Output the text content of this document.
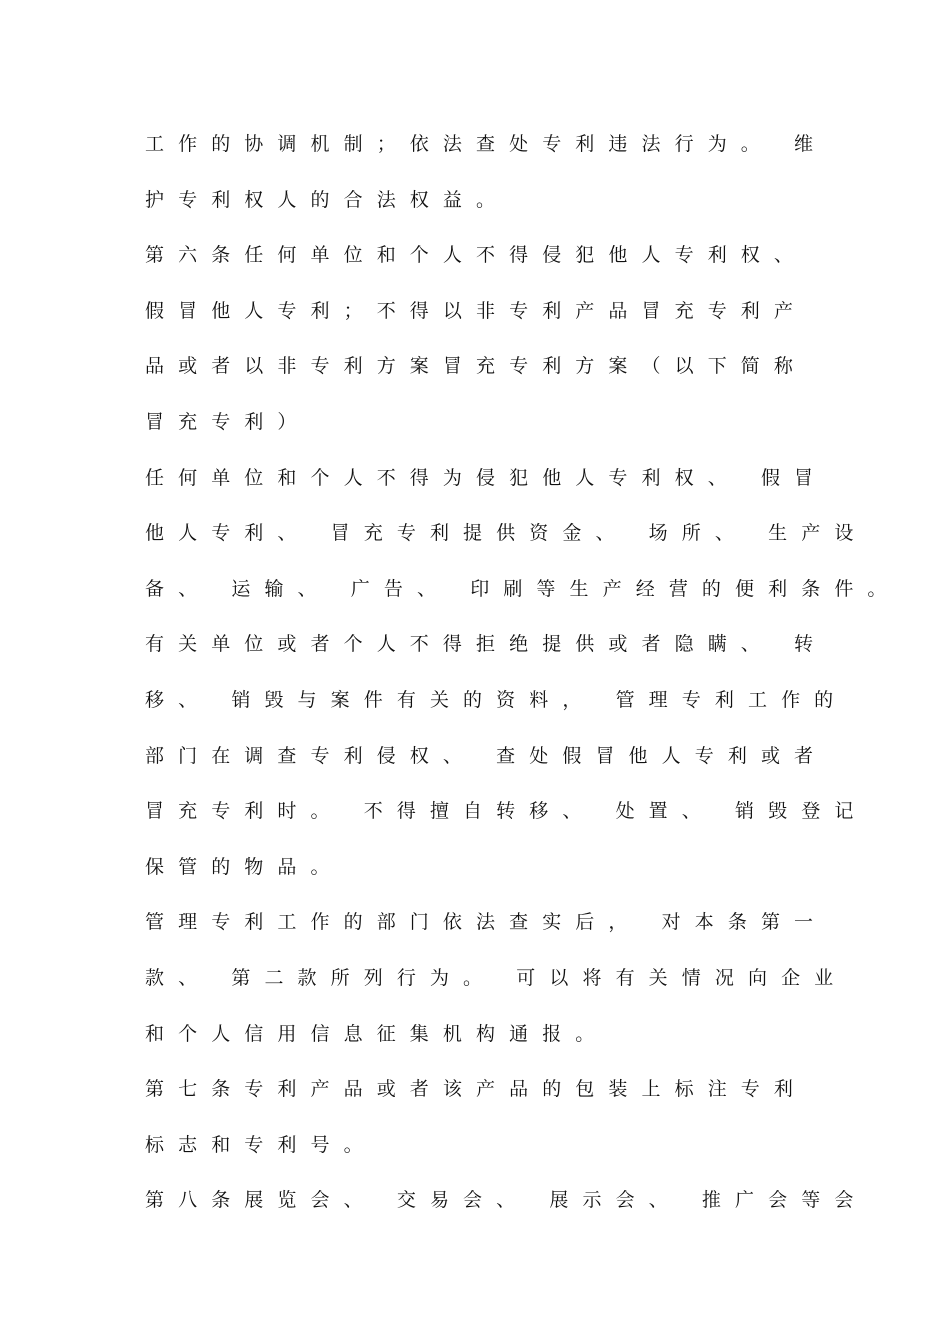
工作的协调机制；依法查处专利违法行为。 维
护专利权人的合法权益。
第六条任何单位和个人不得侵犯他人专利权、
假冒他人专利；不得以非专利产品冒充专利产
品或者以非专利方案冒充专利方案（以下简称
冒充专利）
任何单位和个人不得为侵犯他人专利权、 假冒
他人专利、 冒充专利提供资金、 场所、 生产设
备、 运输、 广告、 印刷等生产经营的便利条件。
有关单位或者个人不得拒绝提供或者隐瞒、 转
移、 销毁与案件有关的资料， 管理专利工作的
部门在调查专利侵权、 查处假冒他人专利或者
冒充专利时。 不得擅自转移、 处置、 销毁登记
保管的物品。
管理专利工作的部门依法查实后， 对本条第一
款、 第二款所列行为。 可以将有关情况向企业
和个人信用信息征集机构通报。
第七条专利产品或者该产品的包装上标注专利
标志和专利号。
第八条展览会、 交易会、 展示会、 推广会等会
